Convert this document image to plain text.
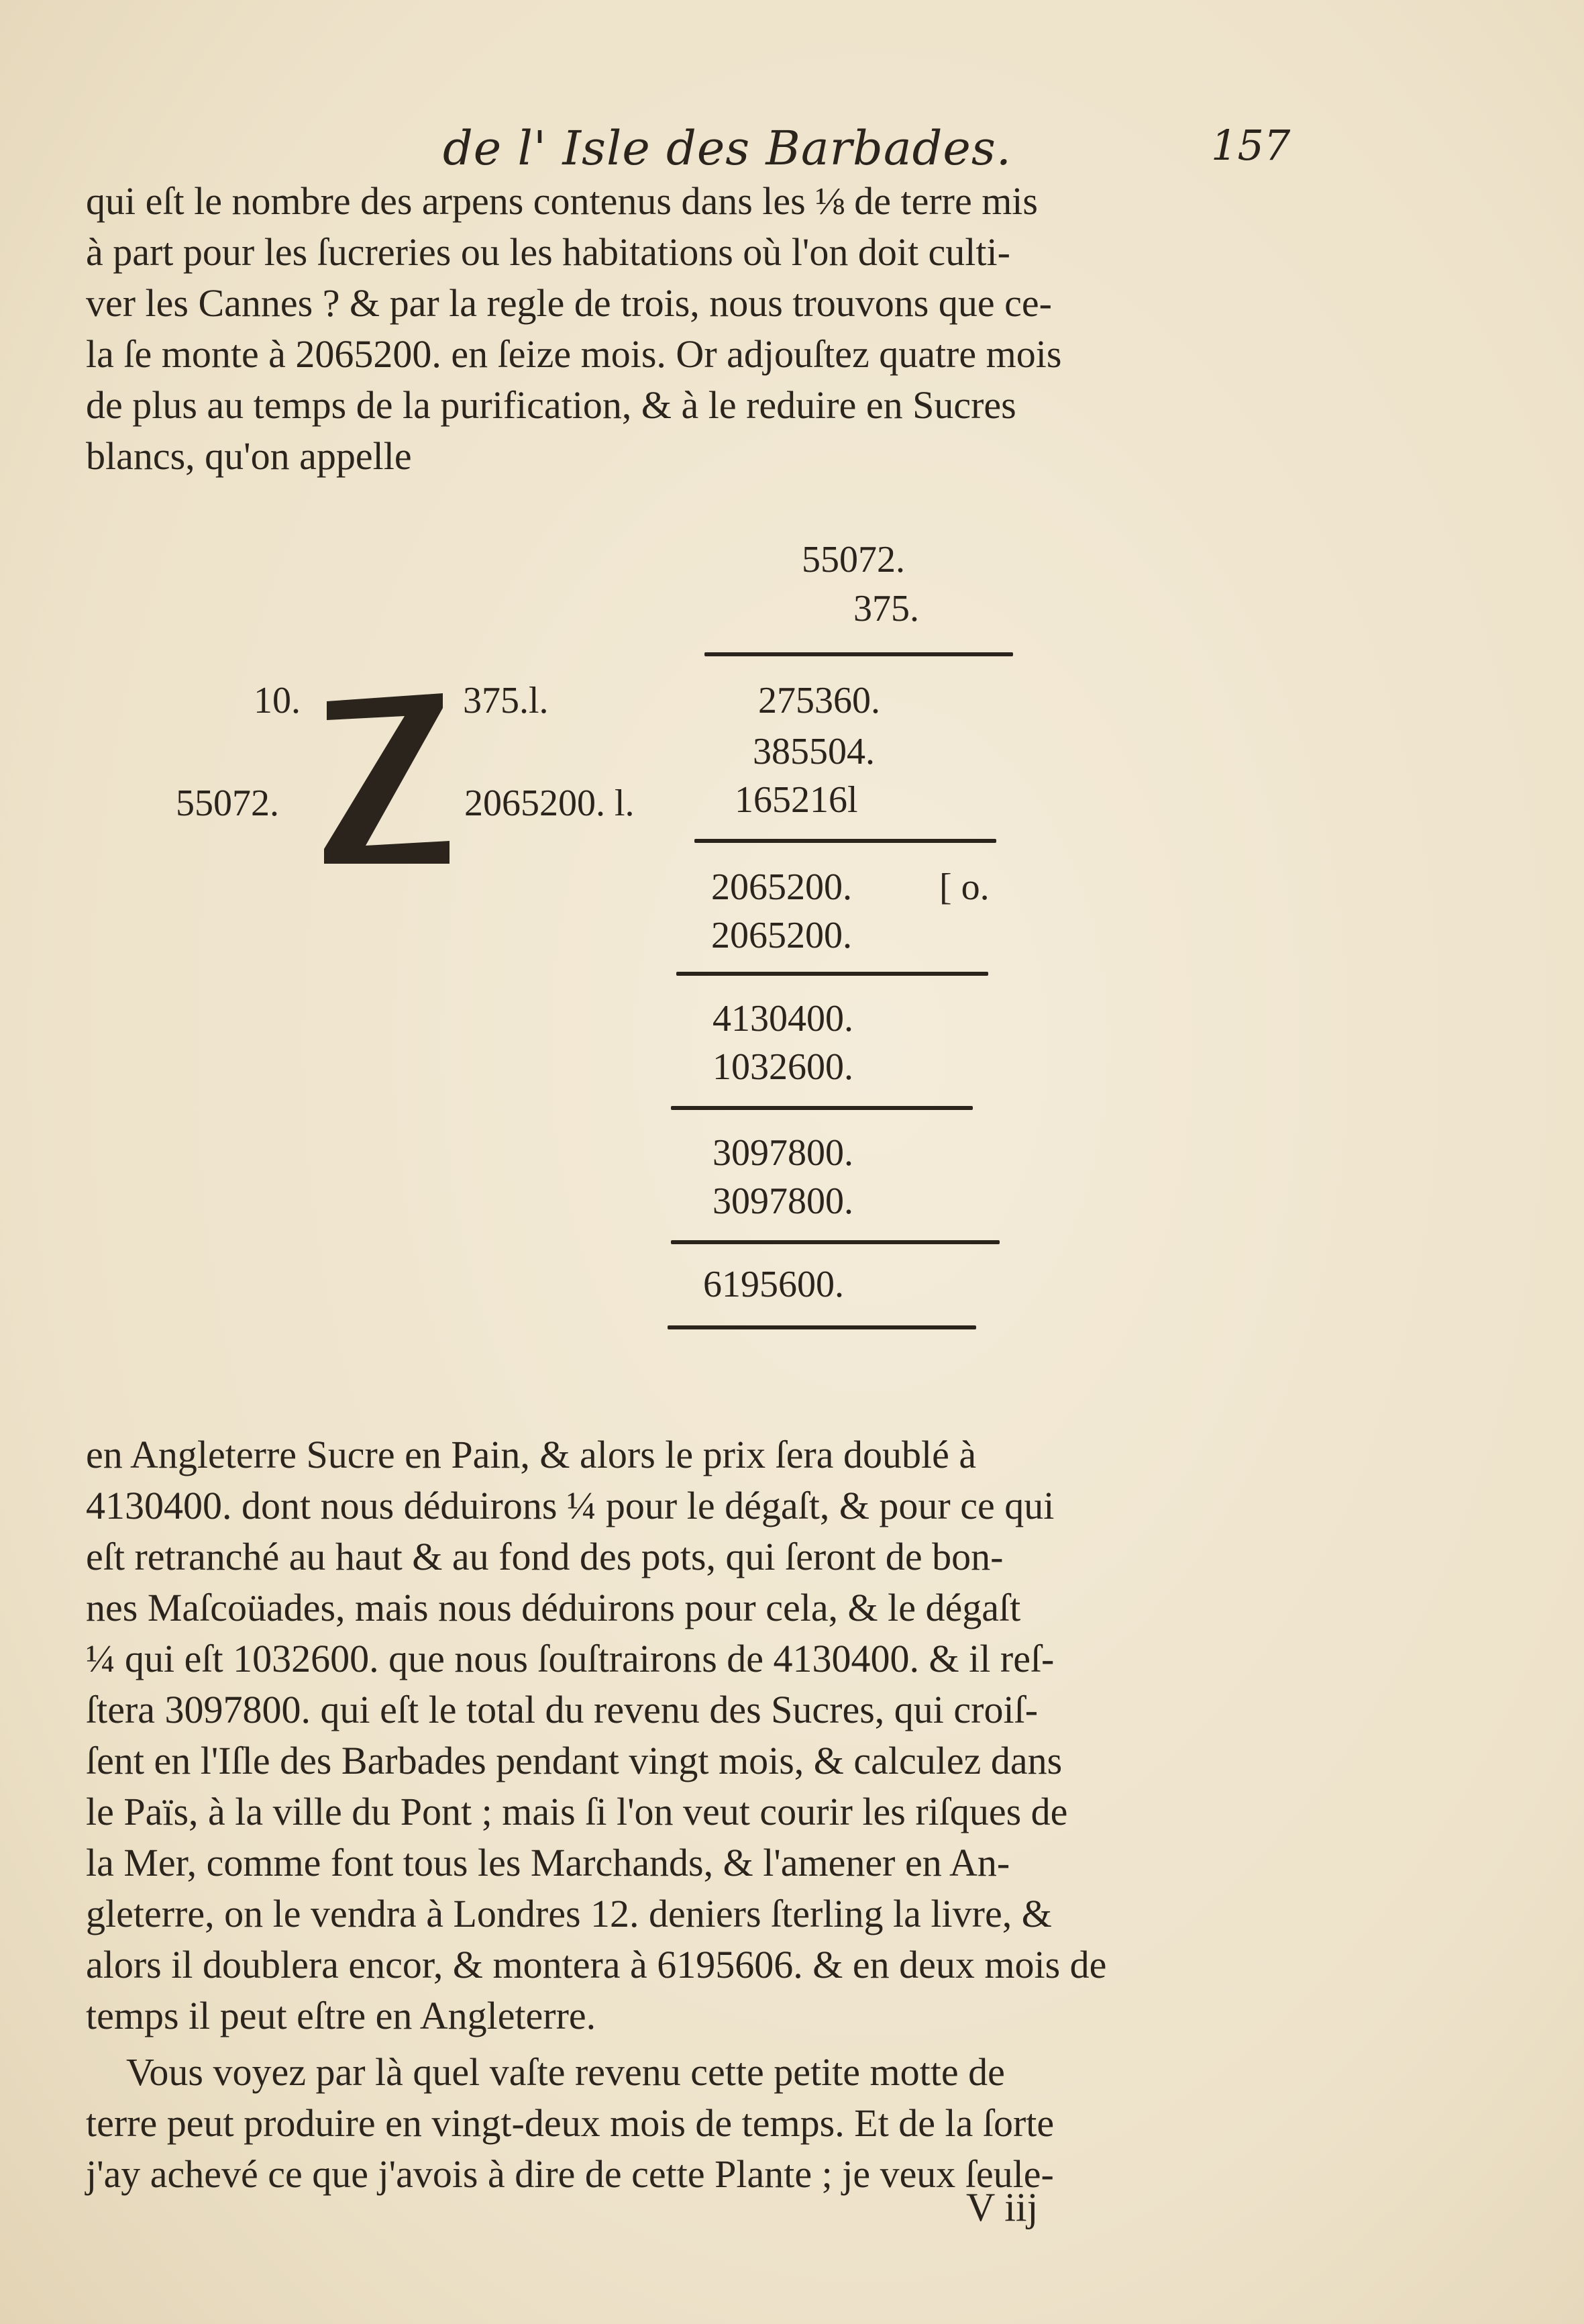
de l' Isle des Barbades.	157
qui eſt le nombre des arpens contenus dans les ⅛ de terre mis
à part pour les ſucreries ou les habitations où l'on doit culti-
ver les Cannes ? & par la regle de trois, nous trouvons que ce-
la ſe monte à 2065200. en ſeize mois. Or adjouſtez quatre mois
de plus au temps de la purification, & à le reduire en Sucres
blancs, qu'on appelle
10.
55072.
375.l.
2065200. l.
55072.
375.
275360.
385504.
165216l
2065200. [ o.
2065200.
4130400.
1032600.
3097800.
3097800.
6195600.
en Angleterre Sucre en Pain, & alors le prix ſera doublé à
4130400. dont nous déduirons ¼ pour le dégaſt, & pour ce qui
eſt retranché au haut & au fond des pots, qui ſeront de bon-
nes Maſcoüades, mais nous déduirons pour cela, & le dégaſt
¼ qui eſt 1032600. que nous ſouſtrairons de 4130400. & il reſ-
ſtera 3097800. qui eſt le total du revenu des Sucres, qui croiſ-
ſent en l'Iſle des Barbades pendant vingt mois, & calculez dans
le Païs, à la ville du Pont ; mais ſi l'on veut courir les riſques de
la Mer, comme font tous les Marchands, & l'amener en An-
gleterre, on le vendra à Londres 12. deniers ſterling la livre, &
alors il doublera encor, & montera à 6195606. & en deux mois de
temps il peut eſtre en Angleterre.
Vous voyez par là quel vaſte revenu cette petite motte de
terre peut produire en vingt-deux mois de temps. Et de la ſorte
j'ay achevé ce que j'avois à dire de cette Plante ; je veux ſeule-
V iij
